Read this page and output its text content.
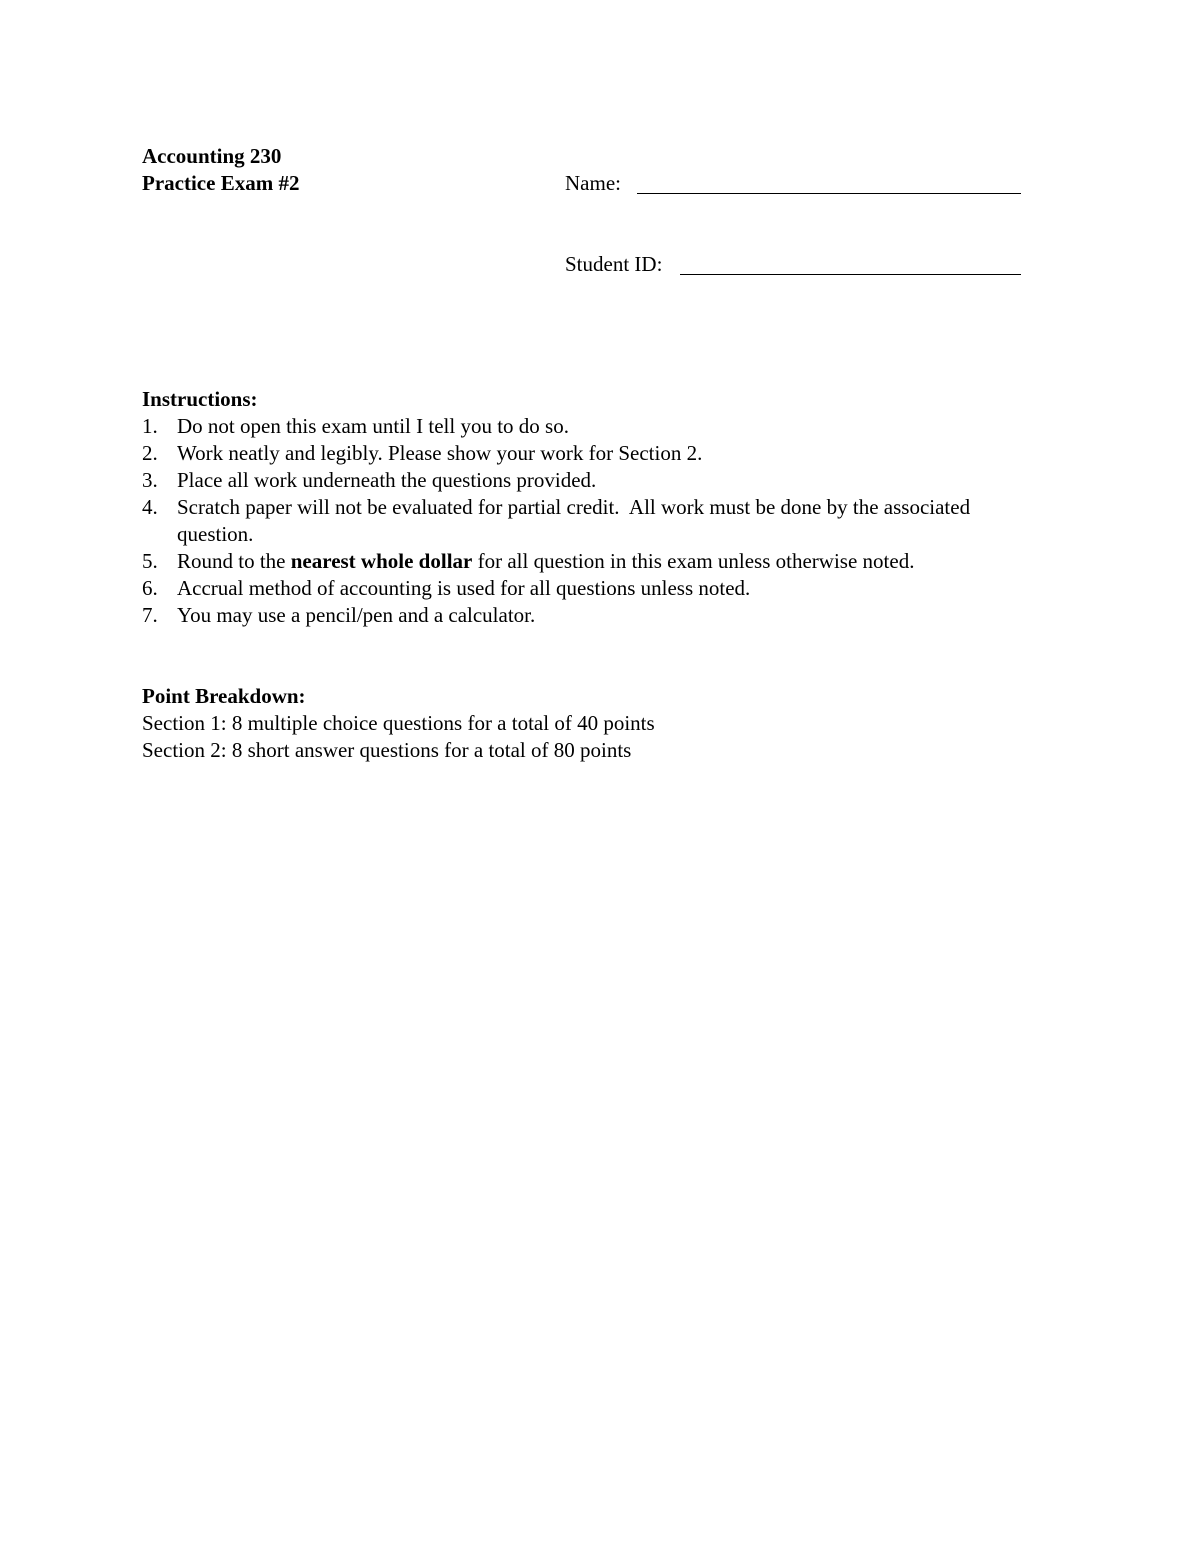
Accounting 230
Practice Exam #2	Name:
Student ID:
Instructions:
1. Do not open this exam until I tell you to do so.
2. Work neatly and legibly. Please show your work for Section 2.
3. Place all work underneath the questions provided.
4. Scratch paper will not be evaluated for partial credit.  All work must be done by the associated question.
5. Round to the nearest whole dollar for all question in this exam unless otherwise noted.
6. Accrual method of accounting is used for all questions unless noted.
7. You may use a pencil/pen and a calculator.
Point Breakdown:
Section 1: 8 multiple choice questions for a total of 40 points
Section 2: 8 short answer questions for a total of 80 points
